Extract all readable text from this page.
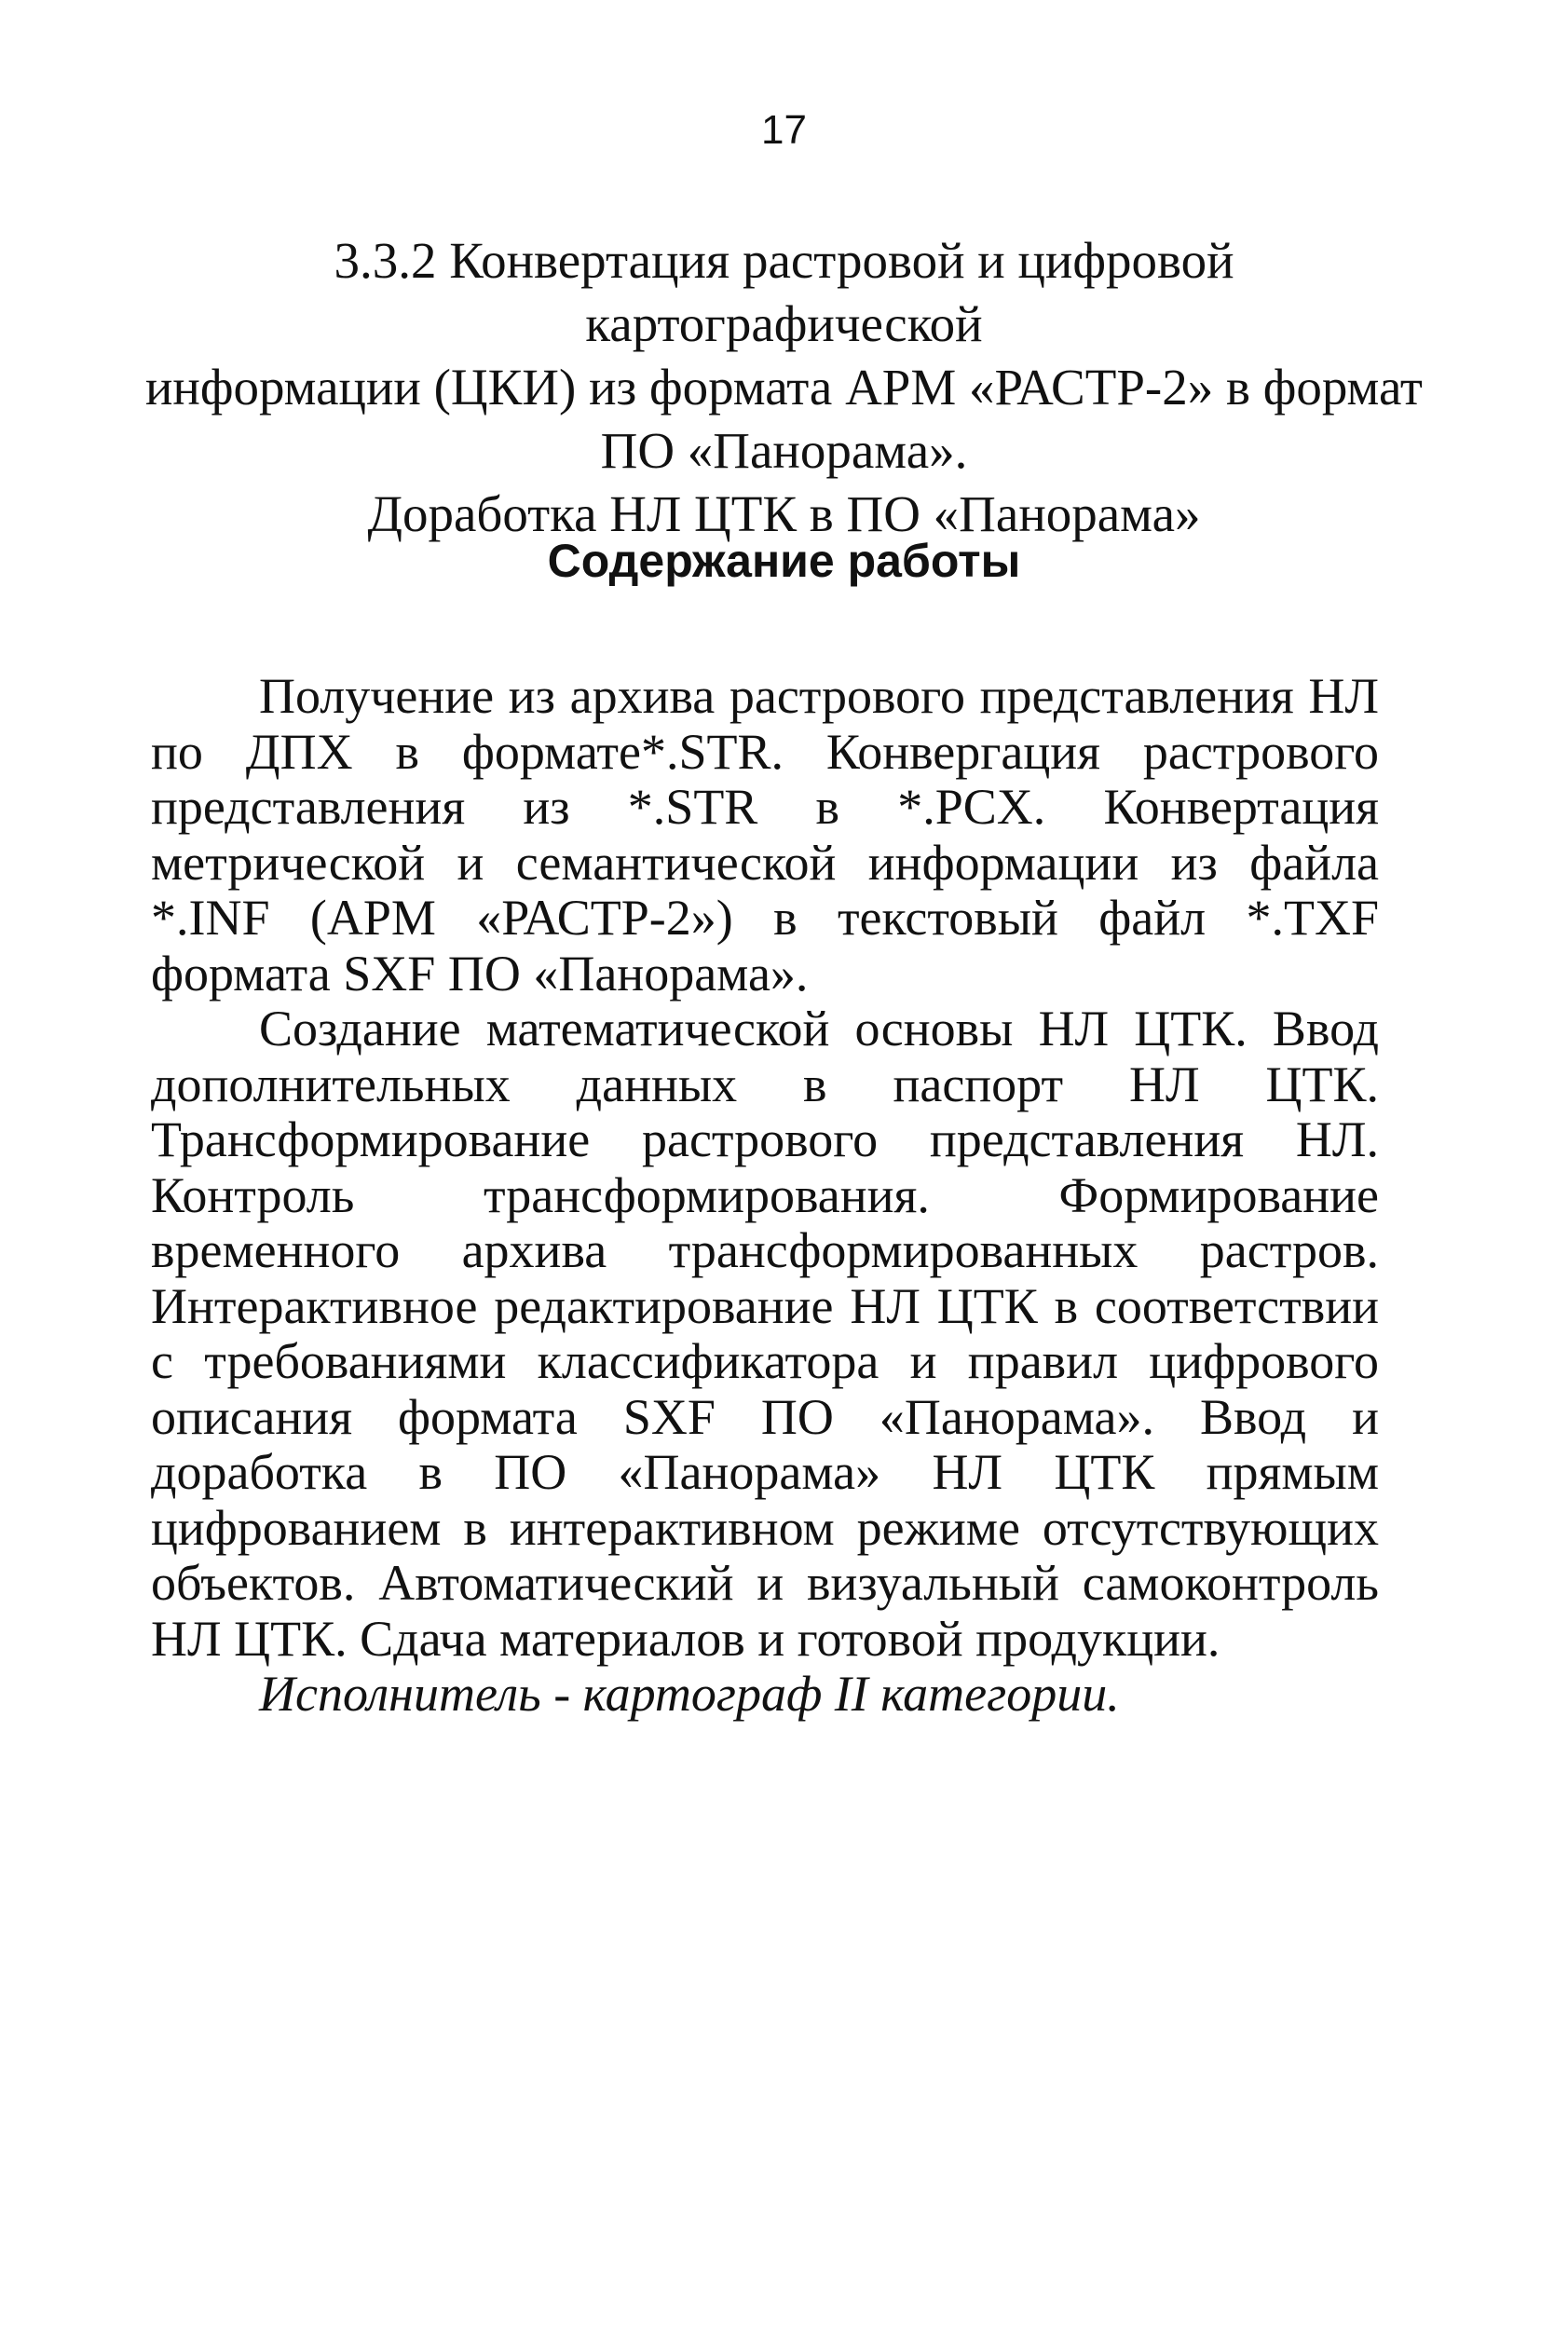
17
3.3.2 Конвертация растровой и цифровой картографической
информации (ЦКИ) из формата АРМ «РАСТР-2» в формат
ПО «Панорама».
Доработка НЛ ЦТК в ПО «Панорама»
Содержание работы

Получение из архива растрового представления НЛ по ДПХ в формате*.STR. Конвергация растрового представления из *.STR в *.PCX. Конвертация метрической и семантической информации из файла *.INF (АРМ «РАСТР-2») в текстовый файл *.TXF формата SXF ПО «Панорама».

Создание математической основы НЛ ЦТК. Ввод дополнительных данных в паспорт НЛ ЦТК. Трансформирование растрового представления НЛ. Контроль трансформирования. Формирование временного архива трансформированных растров. Интерактивное редактирование НЛ ЦТК в соответствии с требованиями классификатора и правил цифрового описания формата SXF ПО «Панорама». Ввод и доработка в ПО «Панорама» НЛ ЦТК прямым цифрованием в интерактивном режиме отсутствующих объектов. Автоматический и визуальный самоконтроль НЛ ЦТК. Сдача материалов и готовой продукции.

Исполнитель - картограф II категории.
